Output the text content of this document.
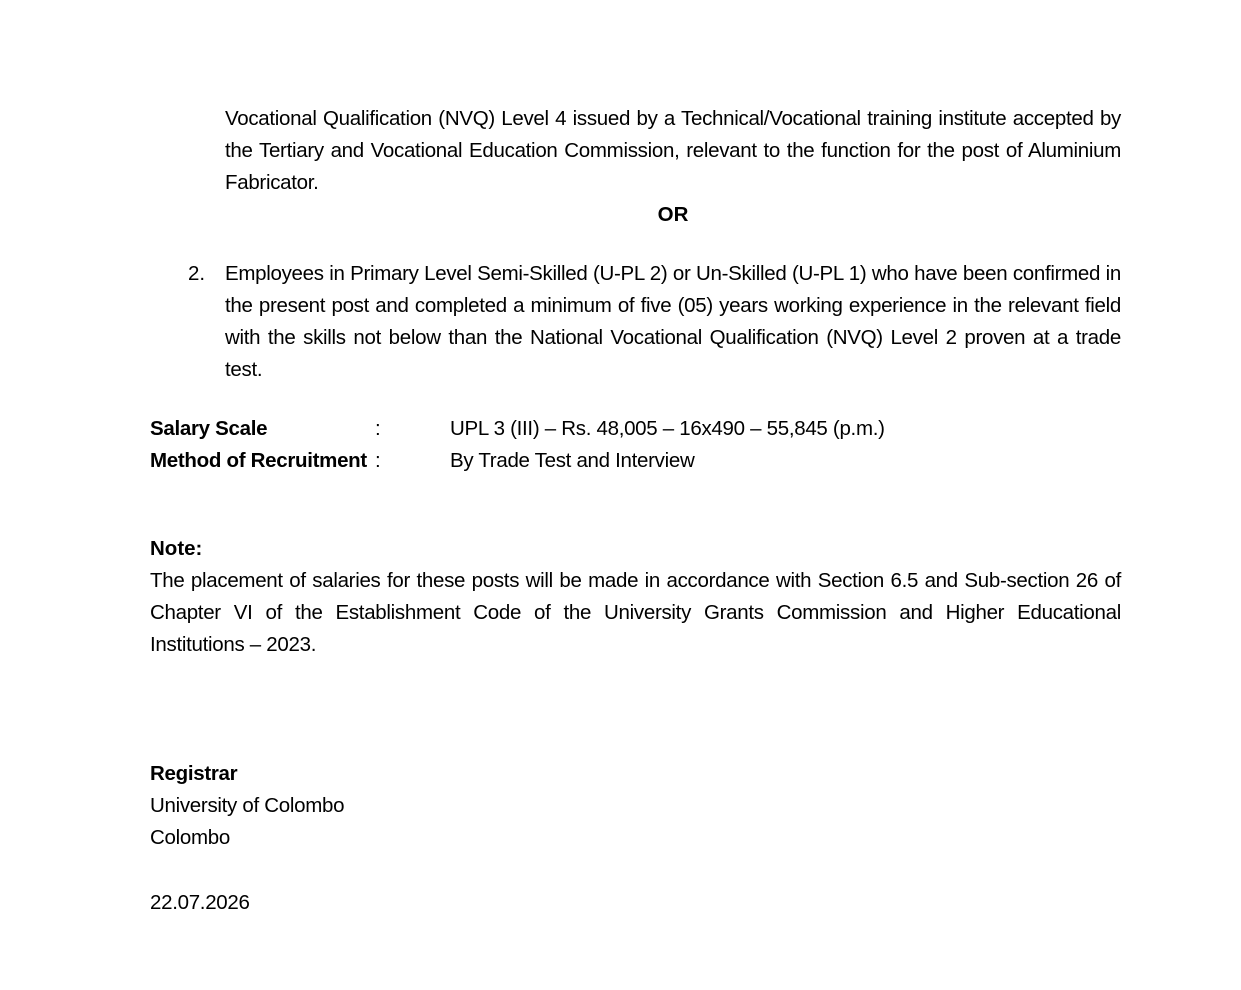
Vocational Qualification (NVQ) Level 4 issued by a Technical/Vocational training institute accepted by the Tertiary and Vocational Education Commission, relevant to the function for the post of Aluminium Fabricator.
OR
2. Employees in Primary Level Semi-Skilled (U-PL 2) or Un-Skilled (U-PL 1) who have been confirmed in the present post and completed a minimum of five (05) years working experience in the relevant field with the skills not below than the National Vocational Qualification (NVQ) Level 2 proven at a trade test.
Salary Scale	:	UPL 3 (III) – Rs. 48,005 – 16x490 – 55,845 (p.m.)
Method of Recruitment :	By Trade Test and Interview
Note:
The placement of salaries for these posts will be made in accordance with Section 6.5 and Sub-section 26 of Chapter VI of the Establishment Code of the University Grants Commission and Higher Educational Institutions – 2023.
Registrar
University of Colombo
Colombo
22.07.2026
